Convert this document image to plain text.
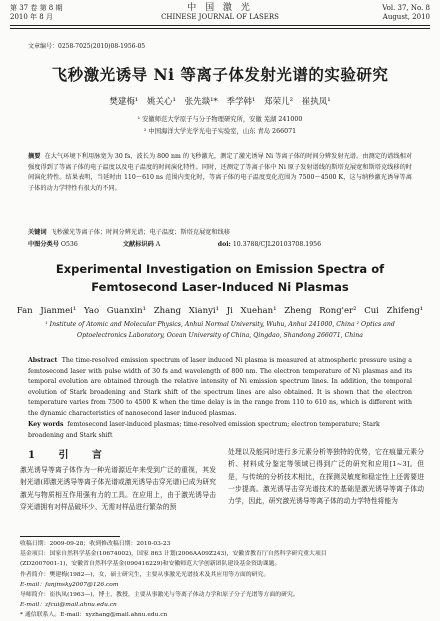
第 37 卷 第 8 期
2010 年 8 月
中 国 激 光
CHINESE JOURNAL OF LASERS
Vol. 37, No. 8
August, 2010
文章编号：0258-7025(2010)08-1956-05
飞秒激光诱导 Ni 等离子体发射光谱的实验研究
樊建梅¹ 姚关心¹ 张先燚¹* 季学韩¹ 郑荣儿² 崔执凤¹
¹ 安徽师范大学原子与分子物理研究所，安徽 芜湖 241000
² 中国海洋大学光学光电子实验室，山东 青岛 266071
摘要 在大气环境下利用脉宽为 30 fs、波长为 800 nm 的飞秒激光，测定了激光诱导 Ni 等离子体的时间分辨发射光谱。由测定的谱线相对强度得到了等离子体的电子温度以及电子温度的时间演化特性。同时，还测定了等离子体中 Ni 原子发射谱线的斯塔克展宽和斯塔克线移的时间演化特性。结果表明，当延时由 110～610 ns 范围内变化时，等离子体的电子温度变化范围为 7500～4500 K，这与纳秒激光诱导等离子体的动力学特性有很大的不同。
关键词 飞秒激光等离子体；时间分辨光谱；电子温度；斯塔克展宽和线移
中图分类号 O536	文献标识码 A	doi: 10.3788/CJL20103708.1956
Experimental Investigation on Emission Spectra of
Femtosecond Laser-Induced Ni Plasmas
Fan Jianmei¹ Yao Guanxin¹ Zhang Xianyi¹ Ji Xuehan¹ Zheng Rong'er² Cui Zhifeng¹
¹ Institute of Atomic and Molecular Physics, Anhui Normal University, Wuhu, Anhui 241000, China ² Optics and Optoelectronics Laboratory, Ocean University of China, Qingdao, Shandong 266071, China
Abstract The time-resolved emission spectrum of laser induced Ni plasma is measured at atmospheric pressure using a femtosecond laser with pulse width of 30 fs and wavelength of 800 nm. The electron temperature of Ni plasmas and its temporal evolution are obtained through the relative intensity of Ni emission spectrum lines. In addition, the temporal evolution of Stark broadening and Stark shift of the spectrum lines are also obtained. It is shown that the electron temperature varies from 7500 to 4500 K when the time delay is in the range from 110 to 610 ns, which is different with the dynamic characteristics of nanosecond laser induced plasmas.
Key words femtosecond laser-induced plasmas; time-resolved emission spectrum; electron temperature; Stark broadening and Stark shift
1 引 言
激光诱导等离子体作为一种光谱源近年来受到广泛的重视，其发射光谱(即激光诱导等离子体光谱或激光诱导击穿光谱)已成为研究激光与物质相互作用强有力的工具。在应用上，由于激光诱导击穿光谱拥有对样品破坏少、无需对样品进行繁杂的预
处理以及能同时进行多元素分析等独特的优势，它在痕量元素分析、材料成分鉴定等领域已得到广泛的研究和应用[1~3]。但是，与传统的分析技术相比，在探测灵敏度和稳定性上还需要进一步提高。激光诱导击穿光谱技术的基础是激光诱导等离子体动力学，因此，研究激光诱导等离子体的动力学特性将能为
收稿日期：2009-09-28；收到修改稿日期：2010-03-23
基金项目：国家自然科学基金(10674002)，国家 863 计划(2006AA09Z243)，安徽省教育厅自然科学研究重大项目
(ZD2007001-1)，安徽省自然科学基金(090416229)和安徽师范大学创新团队建设基金资助课题。
作者简介：樊建梅(1982—)，女，硕士研究生，主要从事激光光谱技术及其应用等方面的研究。
E-mail：fanjmsky2007@126.com
导师简介：崔执凤(1963—)，博士，教授，主要从事激光与等离子体动力学和原子分子光谱等方面的研究。
E-mail：zfcui@mail.ahnu.edu.cn
* 通信联系人。E-mail：xyzhang@mail.ahnu.edu.cn
